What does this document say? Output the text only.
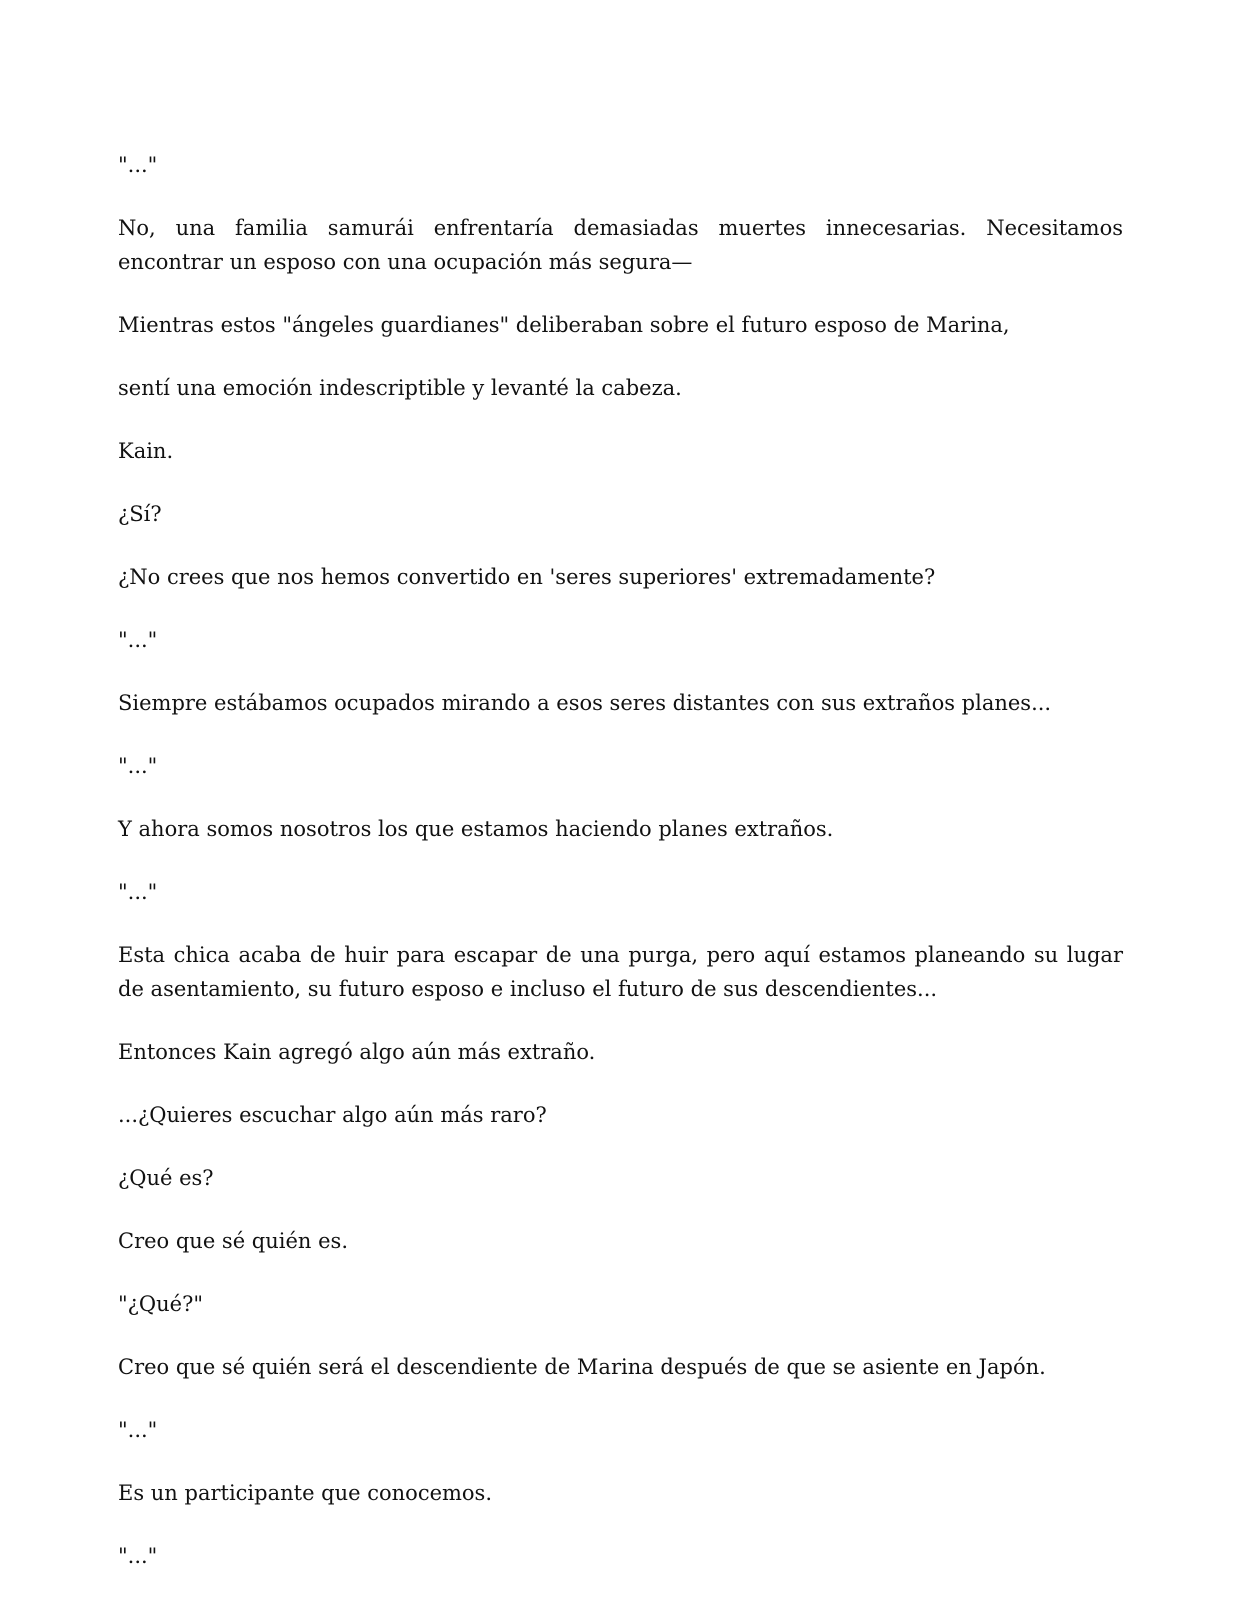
"..."

No, una familia samurái enfrentaría demasiadas muertes innecesarias. Necesitamos encontrar un esposo con una ocupación más segura—

Mientras estos "ángeles guardianes" deliberaban sobre el futuro esposo de Marina,

sentí una emoción indescriptible y levanté la cabeza.

Kain.

¿Sí?

¿No crees que nos hemos convertido en 'seres superiores' extremadamente?

"..."

Siempre estábamos ocupados mirando a esos seres distantes con sus extraños planes...

"..."

Y ahora somos nosotros los que estamos haciendo planes extraños.

"..."

Esta chica acaba de huir para escapar de una purga, pero aquí estamos planeando su lugar de asentamiento, su futuro esposo e incluso el futuro de sus descendientes...

Entonces Kain agregó algo aún más extraño.

...¿Quieres escuchar algo aún más raro?

¿Qué es?

Creo que sé quién es.

"¿Qué?"

Creo que sé quién será el descendiente de Marina después de que se asiente en Japón.

"..."

Es un participante que conocemos.

"..."
